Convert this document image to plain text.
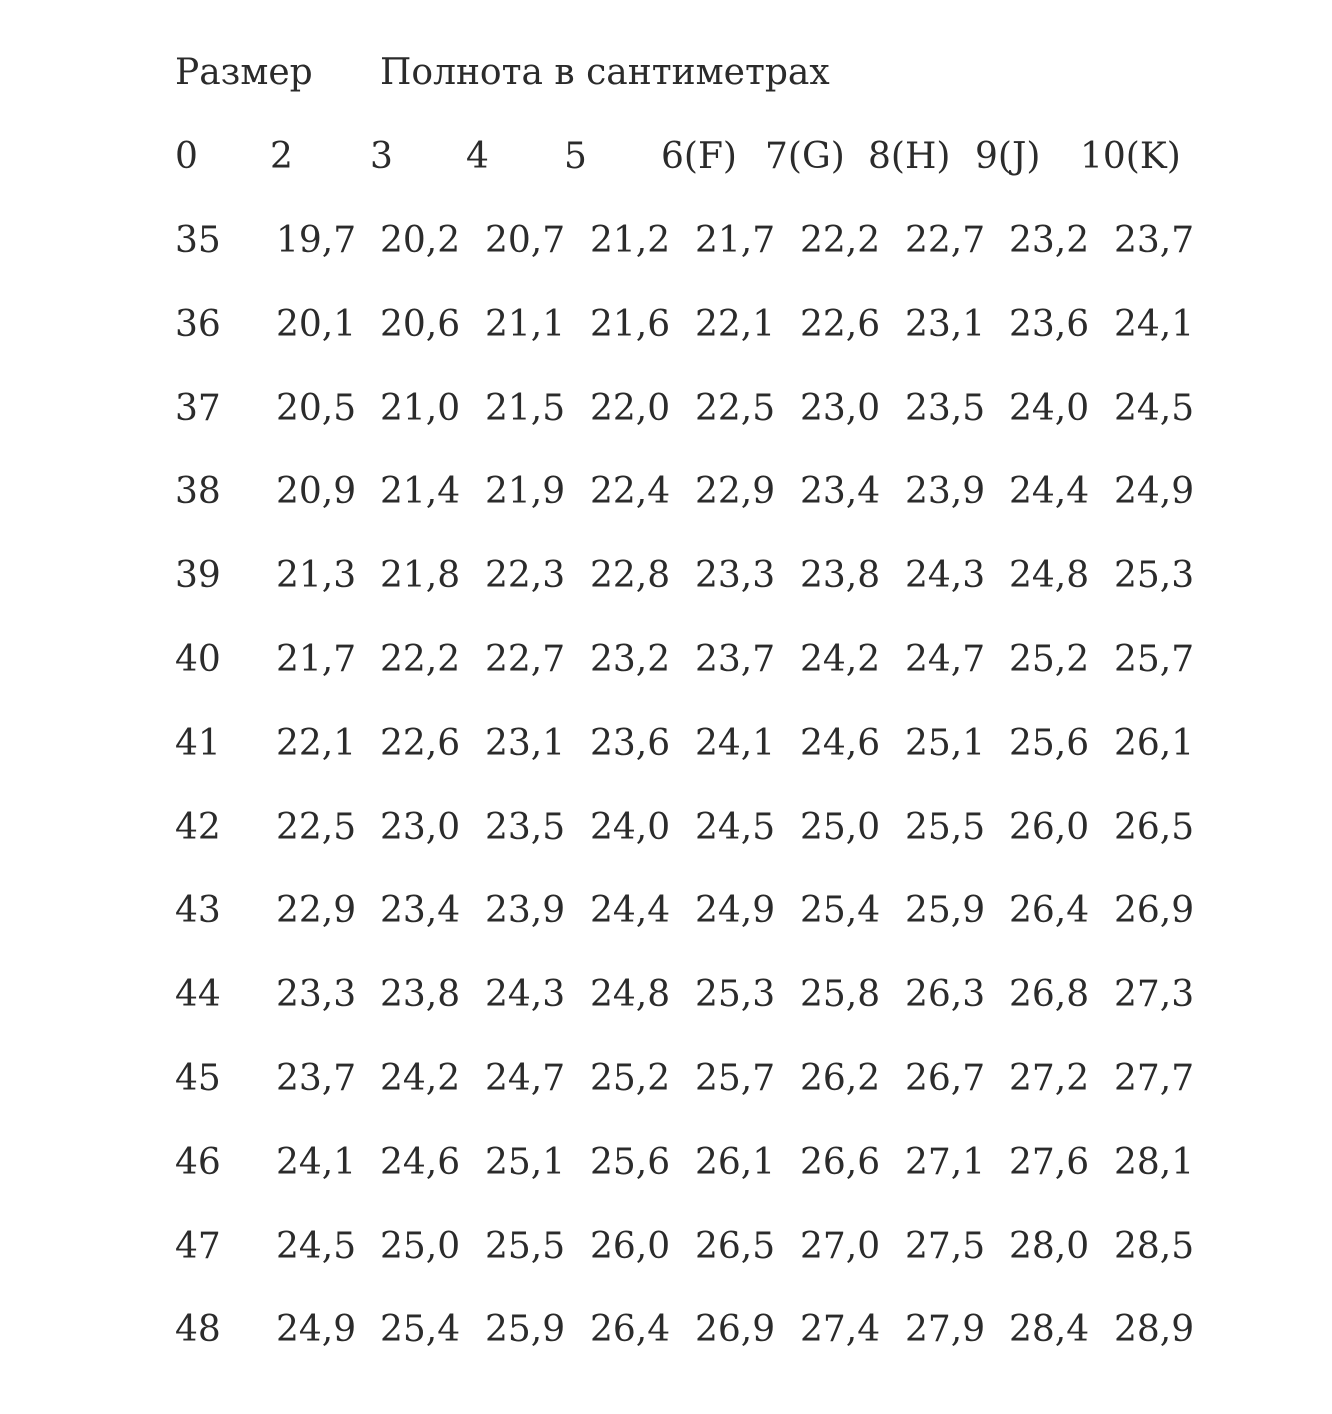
Размер Полнота в сантиметрах
0 2 3 4 5 6(F) 7(G) 8(H) 9(J) 10(K)
35 19,7 20,2 20,7 21,2 21,7 22,2 22,7 23,2 23,7
36 20,1 20,6 21,1 21,6 22,1 22,6 23,1 23,6 24,1
37 20,5 21,0 21,5 22,0 22,5 23,0 23,5 24,0 24,5
38 20,9 21,4 21,9 22,4 22,9 23,4 23,9 24,4 24,9
39 21,3 21,8 22,3 22,8 23,3 23,8 24,3 24,8 25,3
40 21,7 22,2 22,7 23,2 23,7 24,2 24,7 25,2 25,7
41 22,1 22,6 23,1 23,6 24,1 24,6 25,1 25,6 26,1
42 22,5 23,0 23,5 24,0 24,5 25,0 25,5 26,0 26,5
43 22,9 23,4 23,9 24,4 24,9 25,4 25,9 26,4 26,9
44 23,3 23,8 24,3 24,8 25,3 25,8 26,3 26,8 27,3
45 23,7 24,2 24,7 25,2 25,7 26,2 26,7 27,2 27,7
46 24,1 24,6 25,1 25,6 26,1 26,6 27,1 27,6 28,1
47 24,5 25,0 25,5 26,0 26,5 27,0 27,5 28,0 28,5
48 24,9 25,4 25,9 26,4 26,9 27,4 27,9 28,4 28,9
